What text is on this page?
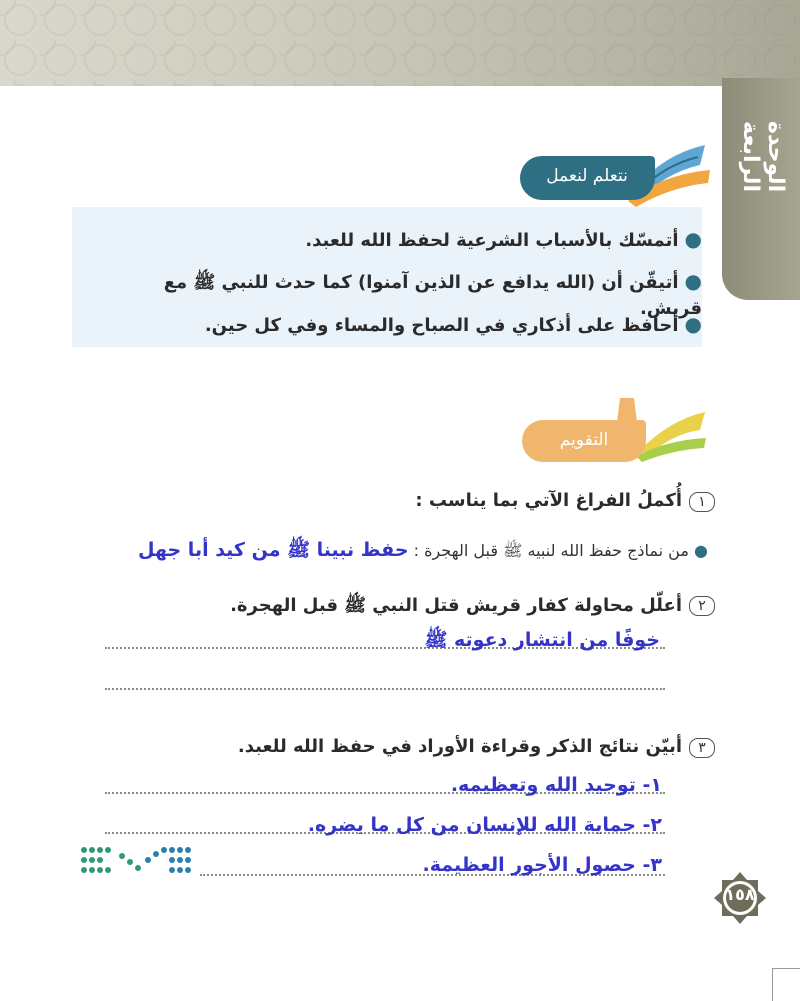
الوحدة الرابعة
نتعلم لنعمل
●أتمسّك بالأسباب الشرعية لحفظ الله للعبد.
●أتيقّن أن (الله يدافع عن الذين آمنوا) كما حدث للنبي ﷺ مع قريش.
●أحافظ على أذكاري في الصباح والمساء وفي كل حين.
التقويم
١
أُكملُ الفراغ الآتي بما يناسب :
● من نماذج حفظ الله لنبيه ﷺ قبل الهجرة : حفظ نبينا ﷺ من كيد أبا جهل
٢
أعلّل محاولة كفار قريش قتل النبي ﷺ قبل الهجرة.
خوفًا من انتشار دعوته ﷺ
٣
أبيّن نتائج الذكر وقراءة الأوراد في حفظ الله للعبد.
١- توحيد الله وتعظيمه.
٢- حماية الله للإنسان من كل ما يضره.
٣- حصول الأجور العظيمة.
١٥٨
